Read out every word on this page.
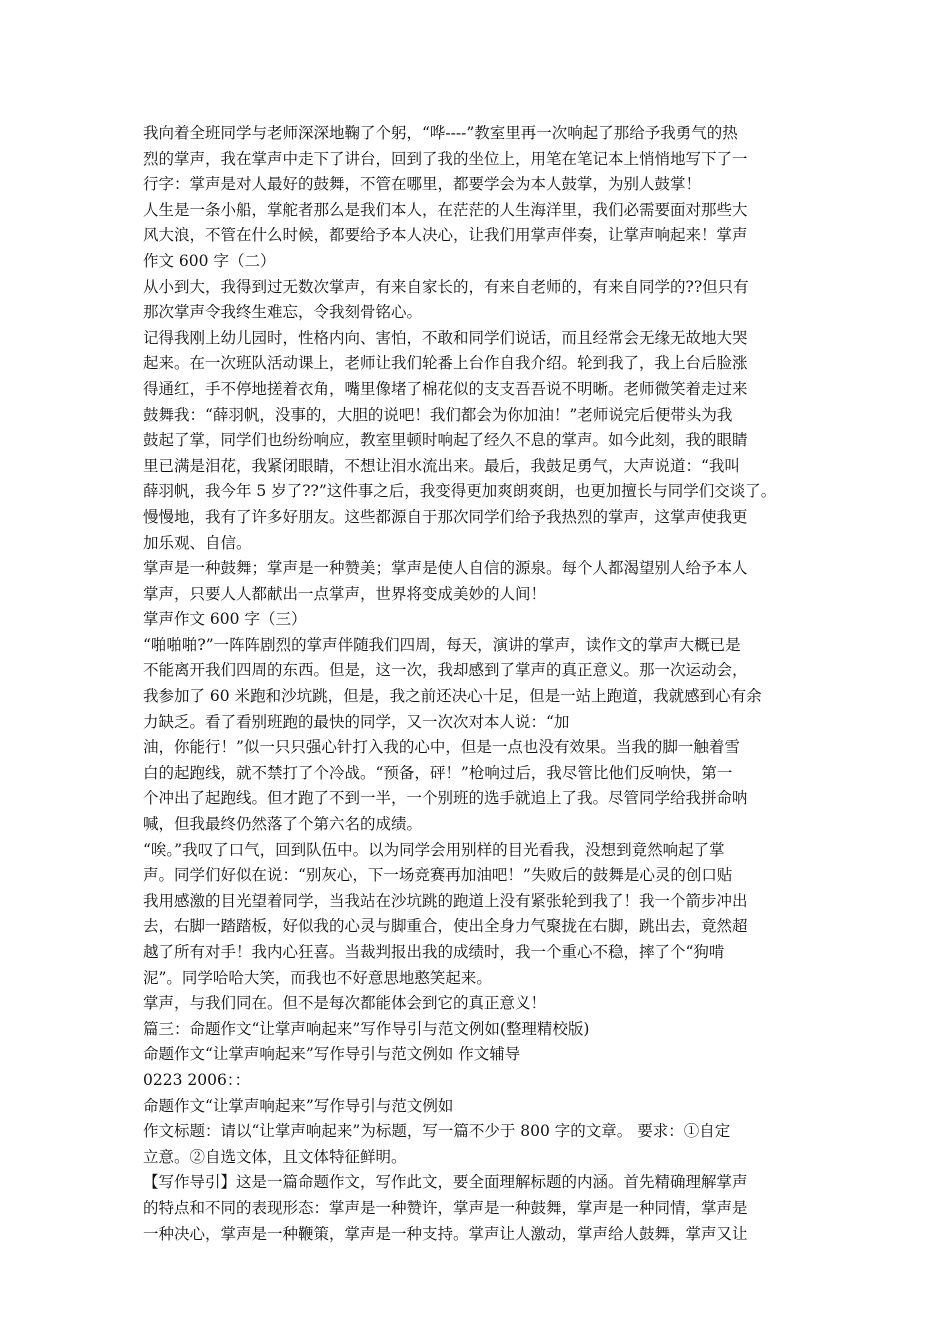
我向着全班同学与老师深深地鞠了个躬，“哗----”教室里再一次响起了那给予我勇气的热
烈的掌声，我在掌声中走下了讲台，回到了我的坐位上，用笔在笔记本上悄悄地写下了一
行字：掌声是对人最好的鼓舞，不管在哪里，都要学会为本人鼓掌，为别人鼓掌！
人生是一条小船，掌舵者那么是我们本人，在茫茫的人生海洋里，我们必需要面对那些大
风大浪，不管在什么时候，都要给予本人决心，让我们用掌声伴奏，让掌声响起来！掌声
作文 600 字（二）
从小到大，我得到过无数次掌声，有来自家长的，有来自老师的，有来自同学的??但只有
那次掌声令我终生难忘，令我刻骨铭心。
记得我刚上幼儿园时，性格内向、害怕，不敢和同学们说话，而且经常会无缘无故地大哭
起来。在一次班队活动课上，老师让我们轮番上台作自我介绍。轮到我了，我上台后脸涨
得通红，手不停地搓着衣角，嘴里像堵了棉花似的支支吾吾说不明晰。老师微笑着走过来
鼓舞我：“薛羽帆，没事的，大胆的说吧！我们都会为你加油！”老师说完后便带头为我
鼓起了掌，同学们也纷纷响应，教室里顿时响起了经久不息的掌声。如今此刻，我的眼睛
里已满是泪花，我紧闭眼睛，不想让泪水流出来。最后，我鼓足勇气，大声说道：“我叫
薛羽帆，我今年 5 岁了??”这件事之后，我变得更加爽朗爽朗，也更加擅长与同学们交谈了。
慢慢地，我有了许多好朋友。这些都源自于那次同学们给予我热烈的掌声，这掌声使我更
加乐观、自信。
掌声是一种鼓舞；掌声是一种赞美；掌声是使人自信的源泉。每个人都渴望别人给予本人
掌声，只要人人都献出一点掌声，世界将变成美妙的人间！
掌声作文 600 字（三）
“啪啪啪?”一阵阵剧烈的掌声伴随我们四周，每天，演讲的掌声，读作文的掌声大概已是
不能离开我们四周的东西。但是，这一次，我却感到了掌声的真正意义。那一次运动会，
我参加了 60 米跑和沙坑跳，但是，我之前还决心十足，但是一站上跑道，我就感到心有余
力缺乏。看了看别班跑的最快的同学，又一次次对本人说：“加
油，你能行！”似一只只强心针打入我的心中，但是一点也没有效果。当我的脚一触着雪
白的起跑线，就不禁打了个冷战。“预备，砰！”枪响过后，我尽管比他们反响快，第一
个冲出了起跑线。但才跑了不到一半，一个别班的选手就追上了我。尽管同学给我拼命呐
喊，但我最终仍然落了个第六名的成绩。
“唉。”我叹了口气，回到队伍中。以为同学会用别样的目光看我，没想到竟然响起了掌
声。同学们好似在说：“别灰心，下一场竞赛再加油吧！”失败后的鼓舞是心灵的创口贴
我用感激的目光望着同学，当我站在沙坑跳的跑道上没有紧张轮到我了！我一个箭步冲出
去，右脚一踏踏板，好似我的心灵与脚重合，使出全身力气聚拢在右脚，跳出去，竟然超
越了所有对手！我内心狂喜。当裁判报出我的成绩时，我一个重心不稳，摔了个“狗啃
泥”。同学哈哈大笑，而我也不好意思地憨笑起来。
掌声，与我们同在。但不是每次都能体会到它的真正意义！
篇三：命题作文“让掌声响起来”写作导引与范文例如(整理精校版)
命题作文“让掌声响起来”写作导引与范文例如 作文辅导
0223 2006：：
命题作文“让掌声响起来”写作导引与范文例如
作文标题：请以“让掌声响起来”为标题，写一篇不少于 800 字的文章。 要求：①自定
立意。②自选文体，且文体特征鲜明。
【写作导引】这是一篇命题作文，写作此文，要全面理解标题的内涵。首先精确理解掌声
的特点和不同的表现形态：掌声是一种赞许，掌声是一种鼓舞，掌声是一种同情，掌声是
一种决心，掌声是一种鞭策，掌声是一种支持。掌声让人激动，掌声给人鼓舞，掌声又让
